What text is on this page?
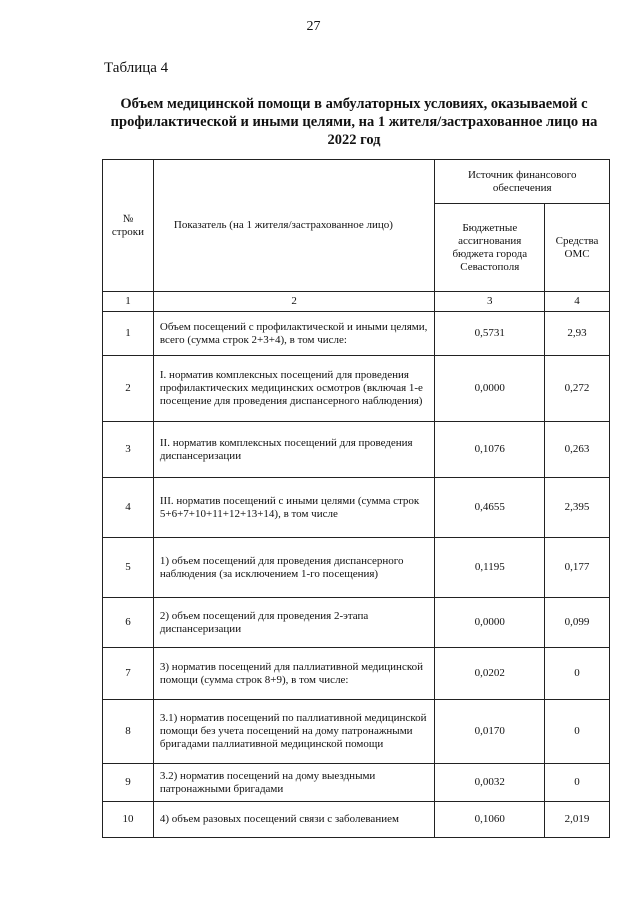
27
Таблица 4
Объем медицинской помощи в амбулаторных условиях, оказываемой с профилактической и иными целями, на 1 жителя/застрахованное лицо на 2022 год
№ строки	Показатель (на 1 жителя/застрахованное лицо)	Источник финансового обеспечения	
		Бюджетные ассигнования бюджета города Севастополя	Средства ОМС
1	2	3	4
1	Объем посещений с профилактической и иными целями, всего (сумма строк 2+3+4), в том числе:	0,5731	2,93
2	I. норматив комплексных посещений для проведения профилактических медицинских осмотров (включая 1-е посещение для проведения диспансерного наблюдения)	0,0000	0,272
3	II. норматив комплексных посещений для проведения диспансеризации	0,1076	0,263
4	III. норматив посещений с иными целями (сумма строк 5+6+7+10+11+12+13+14), в том числе	0,4655	2,395
5	1) объем посещений для проведения диспансерного наблюдения (за исключением 1-го посещения)	0,1195	0,177
6	2) объем посещений для проведения 2-этапа диспансеризации	0,0000	0,099
7	3) норматив посещений для паллиативной медицинской помощи (сумма строк 8+9), в том числе:	0,0202	0
8	3.1) норматив посещений по паллиативной медицинской помощи без учета посещений на дому патронажными бригадами паллиативной медицинской помощи	0,0170	0
9	3.2) норматив посещений на дому выездными патронажными бригадами	0,0032	0
10	4) объем разовых посещений связи с заболеванием	0,1060	2,019
